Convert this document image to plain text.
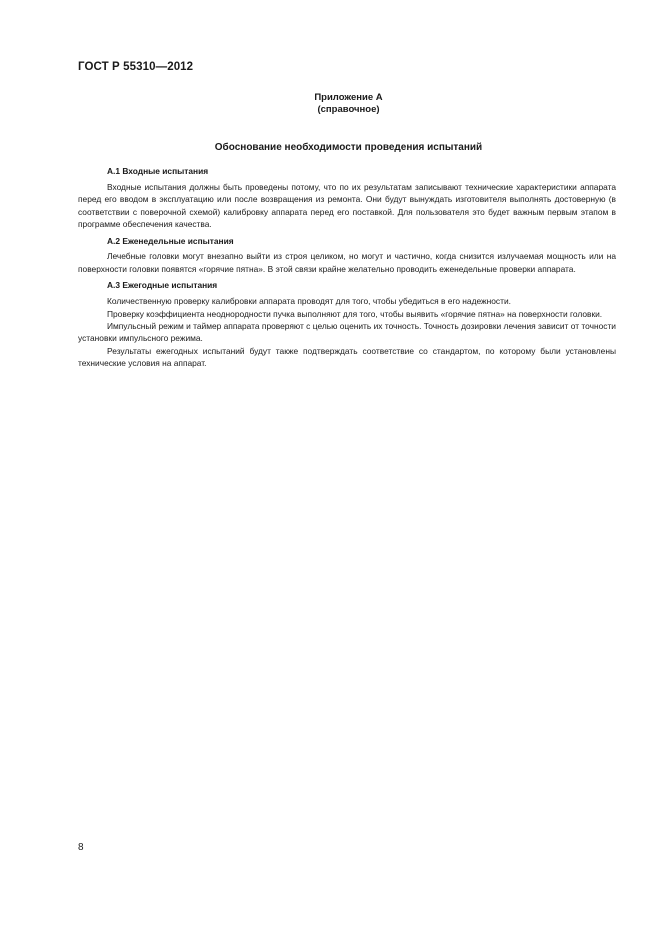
ГОСТ Р 55310—2012
Приложение А
(справочное)
Обоснование необходимости проведения испытаний

А.1 Входные испытания

Входные испытания должны быть проведены потому, что по их результатам записывают технические характеристики аппарата перед его вводом в эксплуатацию или после возвращения из ремонта. Они будут вынуждать изготовителя выполнять достоверную (в соответствии с поверочной схемой) калибровку аппарата перед его поставкой. Для пользователя это будет важным первым этапом в программе обеспечения качества.

А.2 Еженедельные испытания

Лечебные головки могут внезапно выйти из строя целиком, но могут и частично, когда снизится излучаемая мощность или на поверхности головки появятся «горячие пятна». В этой связи крайне желательно проводить еженедельные проверки аппарата.

А.3 Ежегодные испытания

Количественную проверку калибровки аппарата проводят для того, чтобы убедиться в его надежности.

Проверку коэффициента неоднородности пучка выполняют для того, чтобы выявить «горячие пятна» на поверхности головки.

Импульсный режим и таймер аппарата проверяют с целью оценить их точность. Точность дозировки лечения зависит от точности установки импульсного режима.

Результаты ежегодных испытаний будут также подтверждать соответствие со стандартом, по которому были установлены технические условия на аппарат.

8
